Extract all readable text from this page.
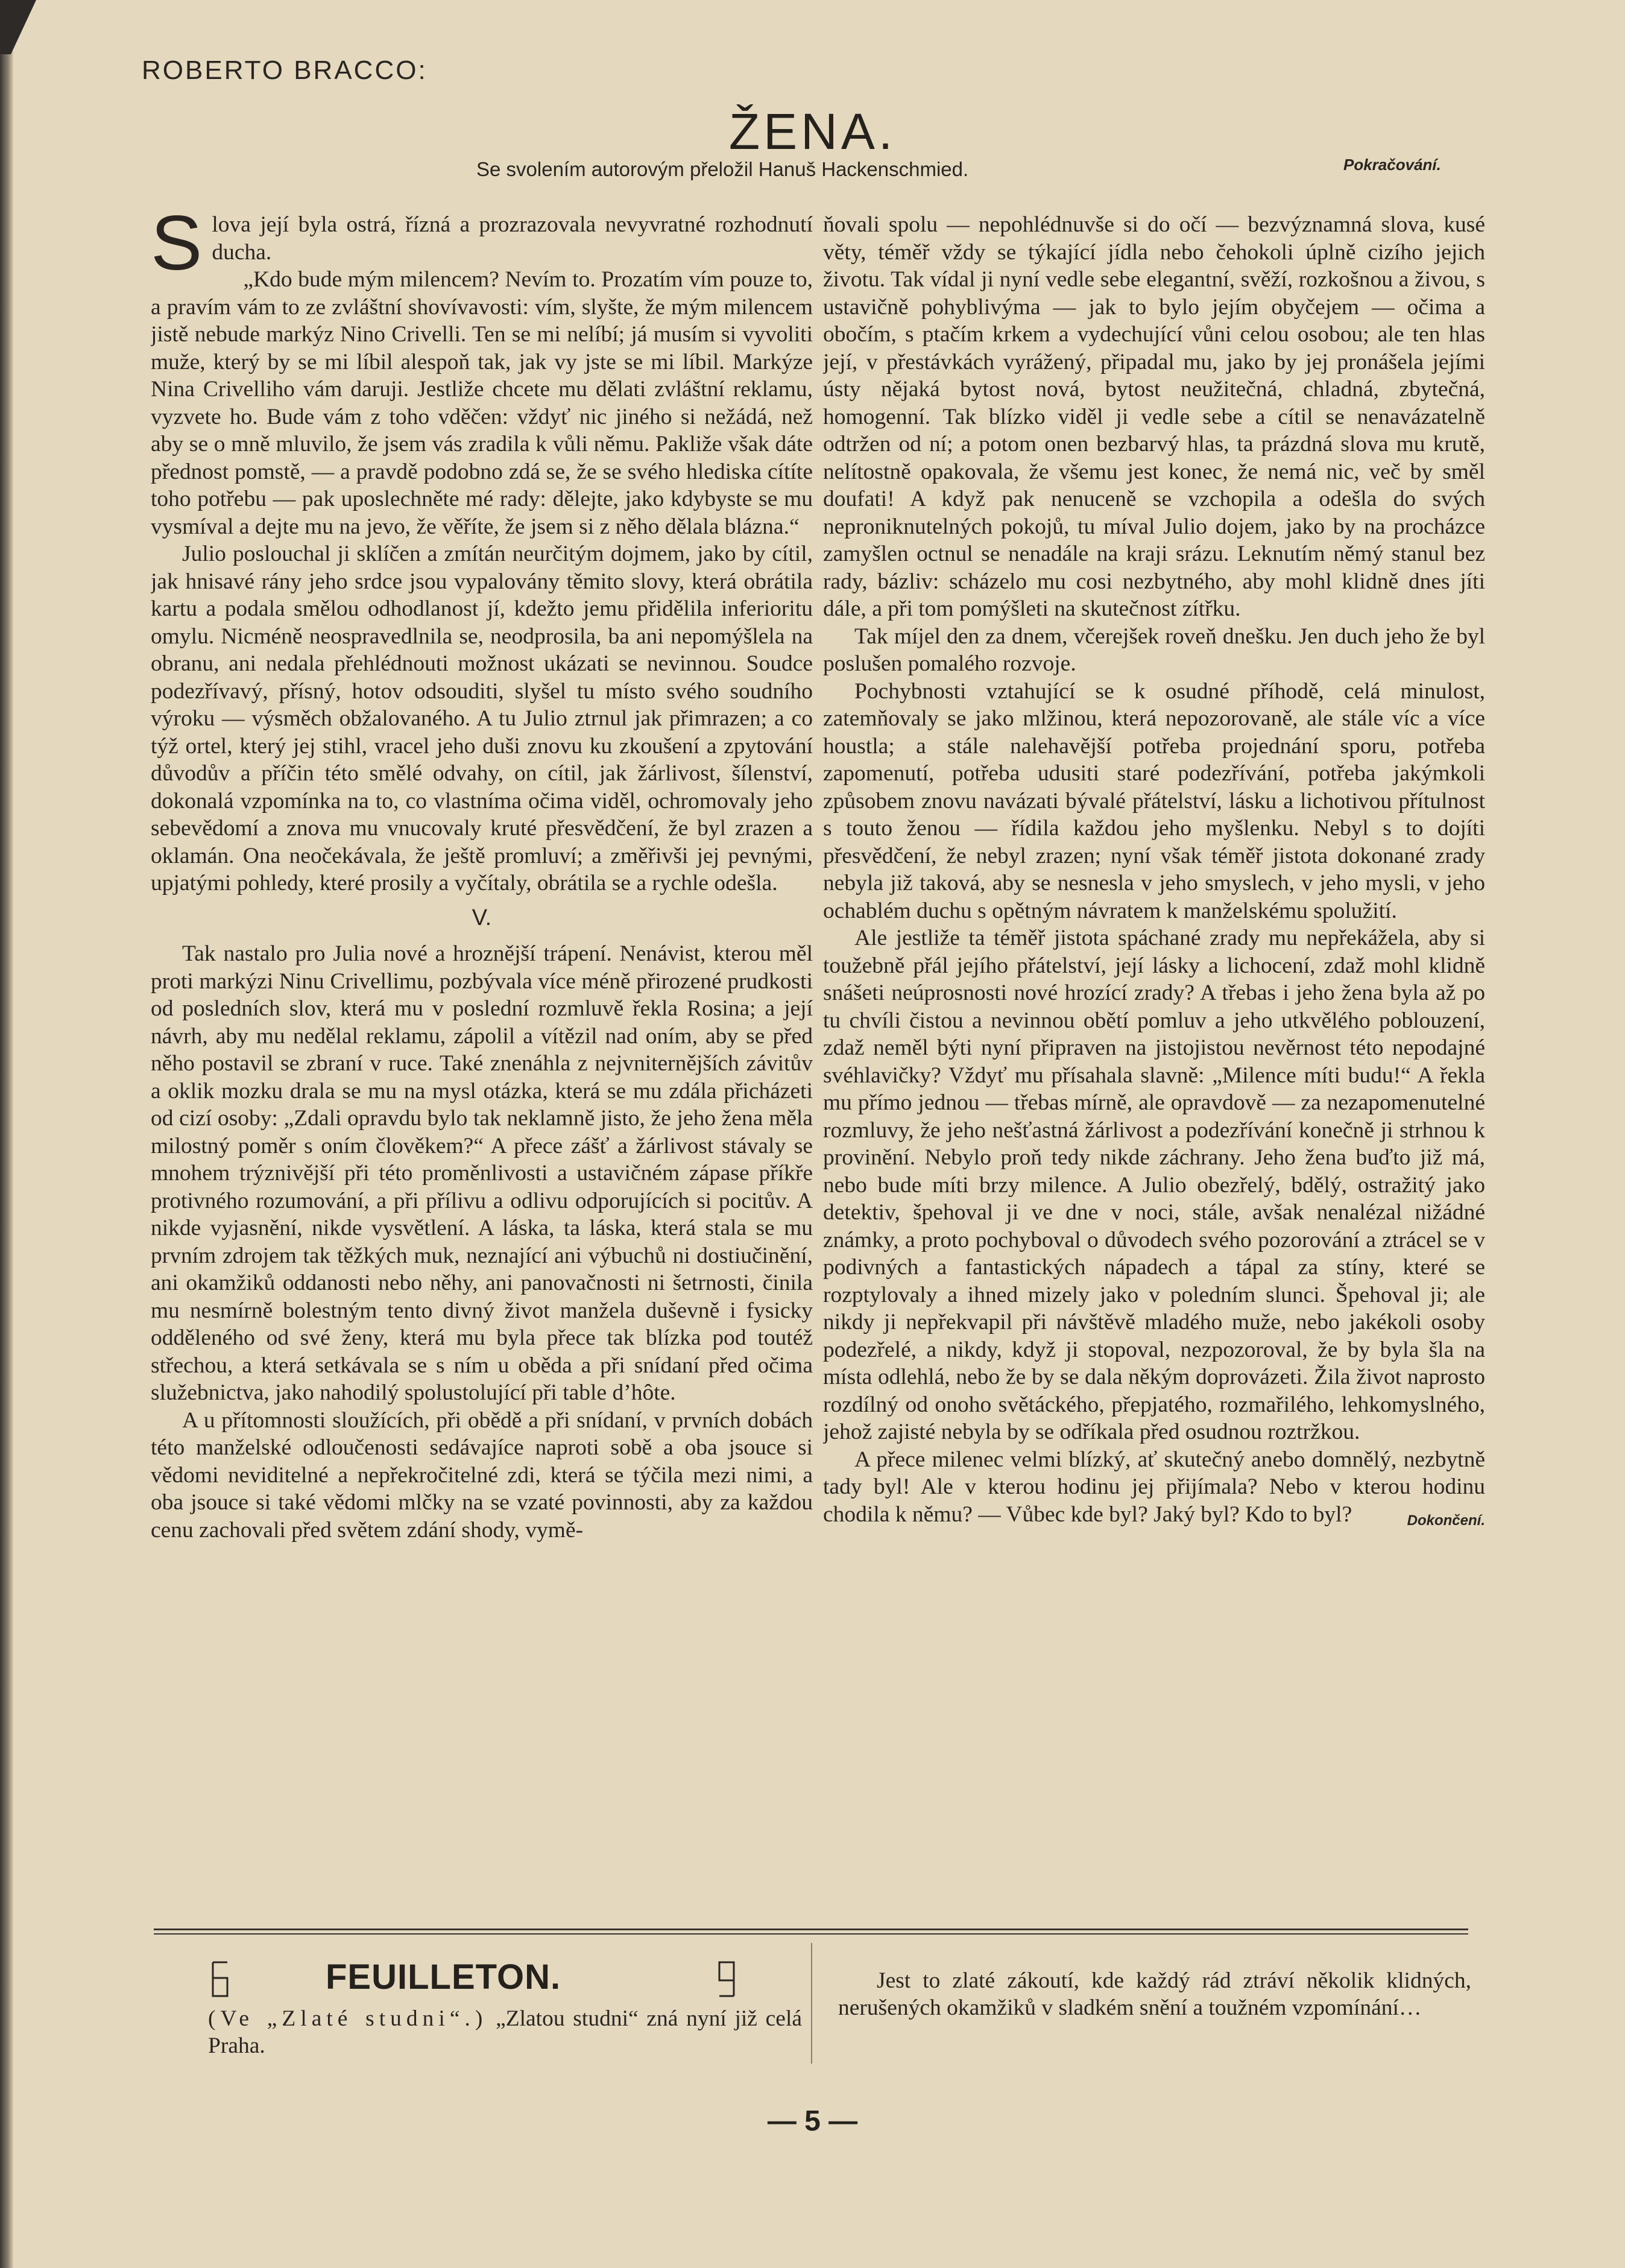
ROBERTO BRACCO:
ŽENA.
Se svolením autorovým přeložil Hanuš Hackenschmied.	Pokračování.

Slova její byla ostrá, řízná a prozrazovala nevyvratné rozhodnutí ducha.

„Kdo bude mým milencem? Nevím to. Prozatím vím pouze to, a pravím vám to ze zvláštní shovívavosti: vím, slyšte, že mým milencem jistě nebude markýz Nino Crivelli. Ten se mi nelíbí; já musím si vyvoliti muže, který by se mi líbil alespoň tak, jak vy jste se mi líbil. Markýze Nina Crivelliho vám daruji. Jestliže chcete mu dělati zvláštní reklamu, vyzvete ho. Bude vám z toho vděčen: vždyť nic jiného si nežádá, než aby se o mně mluvilo, že jsem vás zradila k vůli němu. Pakliže však dáte přednost pomstě, — a pravdě podobno zdá se, že se svého hlediska cítíte toho potřebu — pak uposlechněte mé rady: dělejte, jako kdybyste se mu vysmíval a dejte mu na jevo, že věříte, že jsem si z něho dělala blázna.“

Julio poslouchal ji sklíčen a zmítán neurčitým dojmem, jako by cítil, jak hnisavé rány jeho srdce jsou vypalovány těmito slovy, která obrátila kartu a podala smělou odhodlanost jí, kdežto jemu přidělila inferioritu omylu. Nicméně neospravedlnila se, neodprosila, ba ani nepomýšlela na obranu, ani nedala přehlédnouti možnost ukázati se nevinnou. Soudce podezřívavý, přísný, hotov odsouditi, slyšel tu místo svého soudního výroku — výsměch obžalovaného. A tu Julio ztrnul jak přimrazen; a co týž ortel, který jej stihl, vracel jeho duši znovu ku zkoušení a zpytování důvodův a příčin této smělé odvahy, on cítil, jak žárlivost, šílenství, dokonalá vzpomínka na to, co vlastníma očima viděl, ochromovaly jeho sebevědomí a znova mu vnucovaly kruté přesvědčení, že byl zrazen a oklamán. Ona neočekávala, že ještě promluví; a změřivši jej pevnými, upjatými pohledy, které prosily a vyčítaly, obrátila se a rychle odešla.

V.

Tak nastalo pro Julia nové a hroznější trápení. Nenávist, kterou měl proti markýzi Ninu Crivellimu, pozbývala více méně přirozené prudkosti od posledních slov, která mu v poslední rozmluvě řekla Rosina; a její návrh, aby mu nedělal reklamu, zápolil a vítězil nad oním, aby se před něho postavil se zbraní v ruce. Také znenáhla z nejvniternějších závitův a oklik mozku drala se mu na mysl otázka, která se mu zdála přicházeti od cizí osoby: „Zdali opravdu bylo tak neklamně jisto, že jeho žena měla milostný poměr s oním člověkem?“ A přece zášť a žárlivost stávaly se mnohem trýznivější při této proměnlivosti a ustavičném zápase příkře protivného rozumování, a při přílivu a odlivu odporujících si pocitův. A nikde vyjasnění, nikde vysvětlení. A láska, ta láska, která stala se mu prvním zdrojem tak těžkých muk, neznající ani výbuchů ni dostiučinění, ani okamžiků oddanosti nebo něhy, ani panovačnosti ni šetrnosti, činila mu nesmírně bolestným tento divný život manžela duševně i fysicky odděleného od své ženy, která mu byla přece tak blízka pod toutéž střechou, a která setkávala se s ním u oběda a při snídaní před očima služebnictva, jako nahodilý spolustolující při table d’hôte.

A u přítomnosti sloužících, při obědě a při snídaní, v prvních dobách této manželské odloučenosti sedávajíce naproti sobě a oba jsouce si vědomi neviditelné a nepřekročitelné zdi, která se týčila mezi nimi, a oba jsouce si také vědomi mlčky na se vzaté povinnosti, aby za každou cenu zachovali před světem zdání shody, vymě-

ňovali spolu — nepohlédnuvše si do očí — bezvýznamná slova, kusé věty, téměř vždy se týkající jídla nebo čehokoli úplně cizího jejich životu. Tak vídal ji nyní vedle sebe elegantní, svěží, rozkošnou a živou, s ustavičně pohyblivýma — jak to bylo jejím obyčejem — očima a obočím, s ptačím krkem a vydechující vůni celou osobou; ale ten hlas její, v přestávkách vyrážený, připadal mu, jako by jej pronášela jejími ústy nějaká bytost nová, bytost neužitečná, chladná, zbytečná, homogenní. Tak blízko viděl ji vedle sebe a cítil se nenavázatelně odtržen od ní; a potom onen bezbarvý hlas, ta prázdná slova mu krutě, nelítostně opakovala, že všemu jest konec, že nemá nic, več by směl doufati! A když pak nenuceně se vzchopila a odešla do svých neproniknutelných pokojů, tu míval Julio dojem, jako by na procházce zamyšlen octnul se nenadále na kraji srázu. Leknutím němý stanul bez rady, bázliv: scházelo mu cosi nezbytného, aby mohl klidně dnes jíti dále, a při tom pomýšleti na skutečnost zítřku.

Tak míjel den za dnem, včerejšek roveň dnešku. Jen duch jeho že byl poslušen pomalého rozvoje.

Pochybnosti vztahující se k osudné příhodě, celá minulost, zatemňovaly se jako mlžinou, která nepozorovaně, ale stále víc a více houstla; a stále nalehavější potřeba projednání sporu, potřeba zapomenutí, potřeba udusiti staré podezřívání, potřeba jakýmkoli způsobem znovu navázati bývalé přátelství, lásku a lichotivou přítulnost s touto ženou — řídila každou jeho myšlenku. Nebyl s to dojíti přesvědčení, že nebyl zrazen; nyní však téměř jistota dokonané zrady nebyla již taková, aby se nesnesla v jeho smyslech, v jeho mysli, v jeho ochablém duchu s opětným návratem k manželskému spolužití.

Ale jestliže ta téměř jistota spáchané zrady mu nepřekážela, aby si toužebně přál jejího přátelství, její lásky a lichocení, zdaž mohl klidně snášeti neúprosnosti nové hrozící zrady? A třebas i jeho žena byla až po tu chvíli čistou a nevinnou obětí pomluv a jeho utkvělého poblouzení, zdaž neměl býti nyní připraven na jistojistou nevěrnost této nepodajné svéhlavičky? Vždyť mu přísahala slavně: „Milence míti budu!“ A řekla mu přímo jednou — třebas mírně, ale opravdově — za nezapomenutelné rozmluvy, že jeho nešťastná žárlivost a podezřívání konečně ji strhnou k provinění. Nebylo proň tedy nikde záchrany. Jeho žena buďto již má, nebo bude míti brzy milence. A Julio obezřelý, bdělý, ostražitý jako detektiv, špehoval ji ve dne v noci, stále, avšak nenalézal nižádné známky, a proto pochyboval o důvodech svého pozorování a ztrácel se v podivných a fantastických nápadech a tápal za stíny, které se rozptylovaly a ihned mizely jako v poledním slunci. Špehoval ji; ale nikdy ji nepřekvapil při návštěvě mladého muže, nebo jakékoli osoby podezřelé, a nikdy, když ji stopoval, nezpozoroval, že by byla šla na místa odlehlá, nebo že by se dala někým doprovázeti. Žila život naprosto rozdílný od onoho světáckého, přepjatého, rozmařilého, lehkomyslného, jehož zajisté nebyla by se odříkala před osudnou roztržkou.

A přece milenec velmi blízký, ať skutečný anebo domnělý, nezbytně tady byl! Ale v kterou hodinu jej přijímala? Nebo v kterou hodinu chodila k němu? — Vůbec kde byl? Jaký byl? Kdo to byl?	Dokončení.

FEUILLETON.
(Ve „Zlaté studni“.) „Zlatou studni“ zná nyní již celá Praha.
Jest to zlaté zákoutí, kde každý rád ztráví několik klidných, nerušených okamžiků v sladkém snění a toužném vzpomínání…
— 5 —
